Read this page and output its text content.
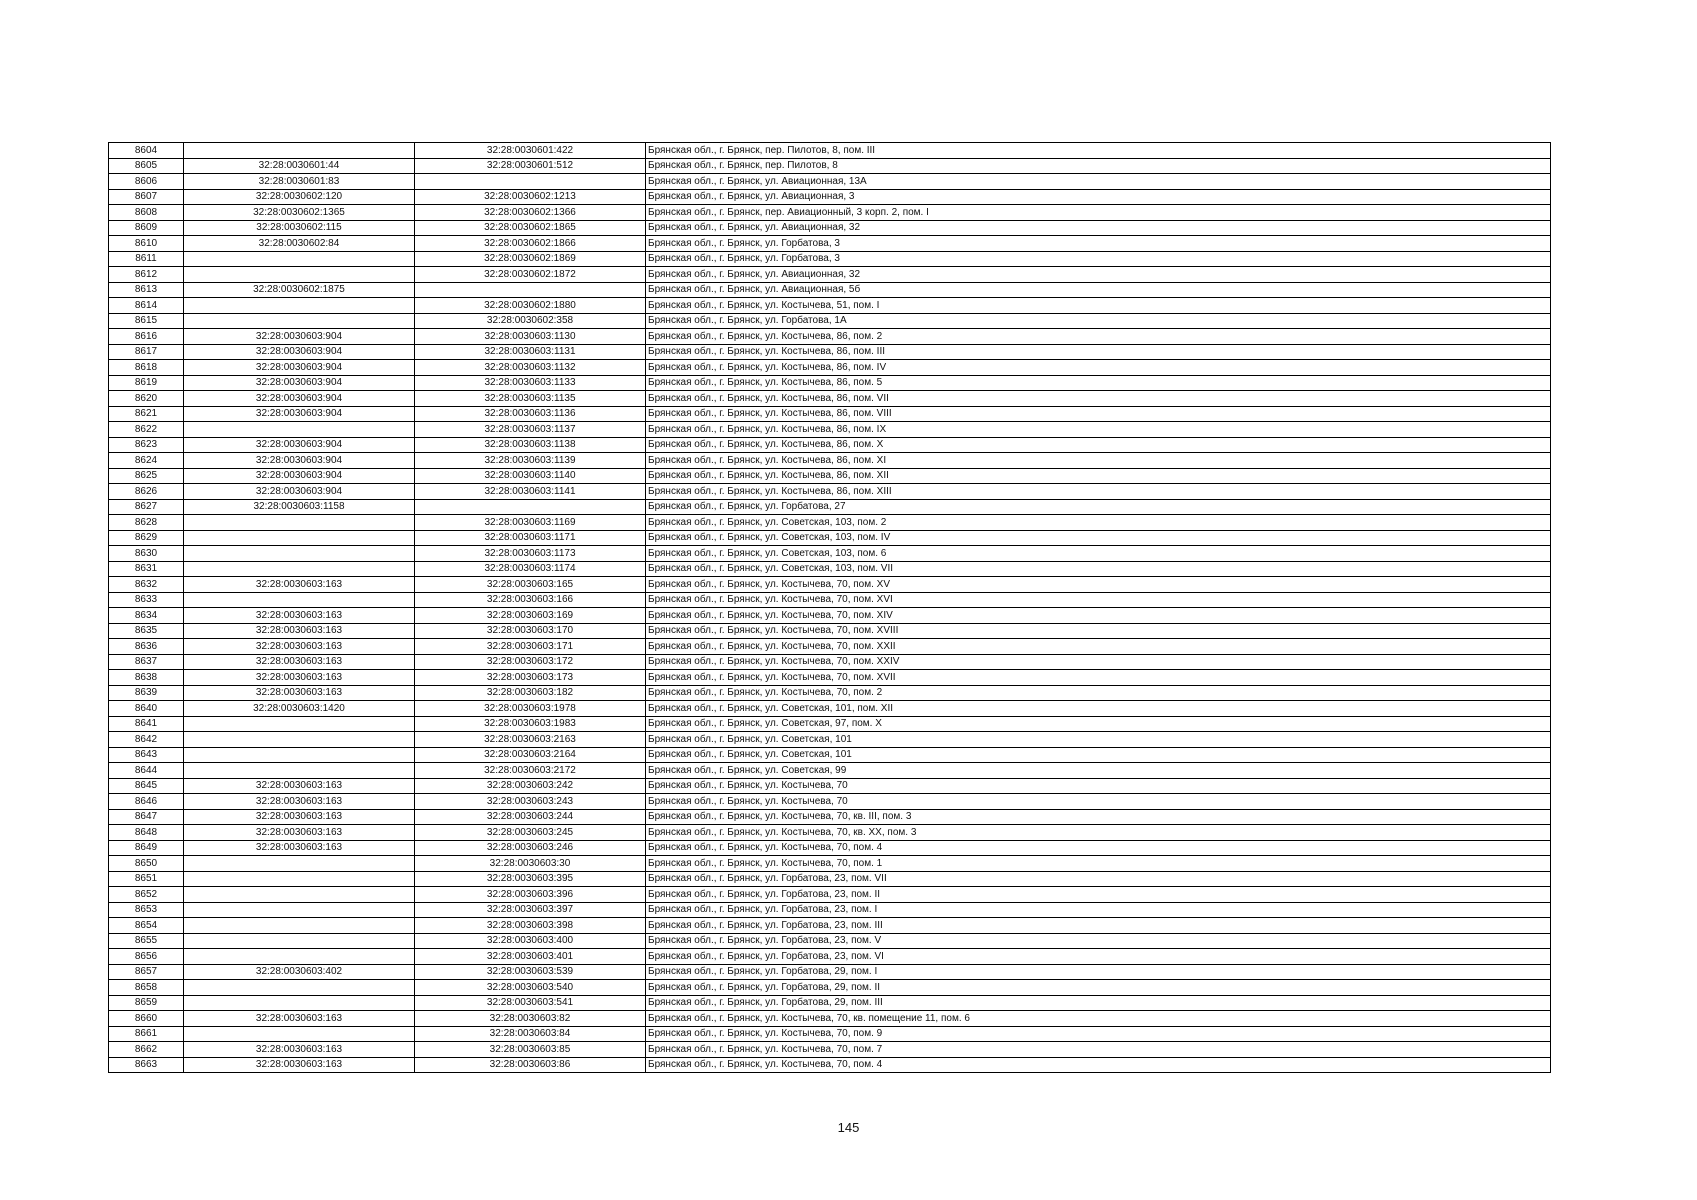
8604		32:28:0030601:422	Брянская обл., г. Брянск, пер. Пилотов, 8, пом. III
8605	32:28:0030601:44	32:28:0030601:512	Брянская обл., г. Брянск, пер. Пилотов, 8
8606	32:28:0030601:83		Брянская обл., г. Брянск, ул. Авиационная, 13А
8607	32:28:0030602:120	32:28:0030602:1213	Брянская обл., г. Брянск, ул. Авиационная, 3
8608	32:28:0030602:1365	32:28:0030602:1366	Брянская обл., г. Брянск, пер. Авиационный, 3 корп. 2, пом. I
8609	32:28:0030602:115	32:28:0030602:1865	Брянская обл., г. Брянск, ул. Авиационная, 32
8610	32:28:0030602:84	32:28:0030602:1866	Брянская обл., г. Брянск, ул. Горбатова, 3
8611		32:28:0030602:1869	Брянская обл., г. Брянск, ул. Горбатова, 3
8612		32:28:0030602:1872	Брянская обл., г. Брянск, ул. Авиационная, 32
8613	32:28:0030602:1875		Брянская обл., г. Брянск, ул. Авиационная, 5б
8614		32:28:0030602:1880	Брянская обл., г. Брянск, ул. Костычева, 51, пом. I
8615		32:28:0030602:358	Брянская обл., г. Брянск, ул. Горбатова, 1А
8616	32:28:0030603:904	32:28:0030603:1130	Брянская обл., г. Брянск, ул. Костычева, 86, пом. 2
8617	32:28:0030603:904	32:28:0030603:1131	Брянская обл., г. Брянск, ул. Костычева, 86, пом. III
8618	32:28:0030603:904	32:28:0030603:1132	Брянская обл., г. Брянск, ул. Костычева, 86, пом. IV
8619	32:28:0030603:904	32:28:0030603:1133	Брянская обл., г. Брянск, ул. Костычева, 86, пом. 5
8620	32:28:0030603:904	32:28:0030603:1135	Брянская обл., г. Брянск, ул. Костычева, 86, пом. VII
8621	32:28:0030603:904	32:28:0030603:1136	Брянская обл., г. Брянск, ул. Костычева, 86, пом. VIII
8622		32:28:0030603:1137	Брянская обл., г. Брянск, ул. Костычева, 86, пом. IX
8623	32:28:0030603:904	32:28:0030603:1138	Брянская обл., г. Брянск, ул. Костычева, 86, пом. X
8624	32:28:0030603:904	32:28:0030603:1139	Брянская обл., г. Брянск, ул. Костычева, 86, пом. XI
8625	32:28:0030603:904	32:28:0030603:1140	Брянская обл., г. Брянск, ул. Костычева, 86, пом. XII
8626	32:28:0030603:904	32:28:0030603:1141	Брянская обл., г. Брянск, ул. Костычева, 86, пом. XIII
8627	32:28:0030603:1158		Брянская обл., г. Брянск, ул. Горбатова, 27
8628		32:28:0030603:1169	Брянская обл., г. Брянск, ул. Советская, 103, пом. 2
8629		32:28:0030603:1171	Брянская обл., г. Брянск, ул. Советская, 103, пом. IV
8630		32:28:0030603:1173	Брянская обл., г. Брянск, ул. Советская, 103, пом. 6
8631		32:28:0030603:1174	Брянская обл., г. Брянск, ул. Советская, 103, пом. VII
8632	32:28:0030603:163	32:28:0030603:165	Брянская обл., г. Брянск, ул. Костычева, 70, пом. XV
8633		32:28:0030603:166	Брянская обл., г. Брянск, ул. Костычева, 70, пом. XVI
8634	32:28:0030603:163	32:28:0030603:169	Брянская обл., г. Брянск, ул. Костычева, 70, пом. XIV
8635	32:28:0030603:163	32:28:0030603:170	Брянская обл., г. Брянск, ул. Костычева, 70, пом. XVIII
8636	32:28:0030603:163	32:28:0030603:171	Брянская обл., г. Брянск, ул. Костычева, 70, пом. XXII
8637	32:28:0030603:163	32:28:0030603:172	Брянская обл., г. Брянск, ул. Костычева, 70, пом. XXIV
8638	32:28:0030603:163	32:28:0030603:173	Брянская обл., г. Брянск, ул. Костычева, 70, пом. XVII
8639	32:28:0030603:163	32:28:0030603:182	Брянская обл., г. Брянск, ул. Костычева, 70, пом. 2
8640	32:28:0030603:1420	32:28:0030603:1978	Брянская обл., г. Брянск, ул. Советская, 101, пом. XII
8641		32:28:0030603:1983	Брянская обл., г. Брянск, ул. Советская, 97, пом. X
8642		32:28:0030603:2163	Брянская обл., г. Брянск, ул. Советская, 101
8643		32:28:0030603:2164	Брянская обл., г. Брянск, ул. Советская, 101
8644		32:28:0030603:2172	Брянская обл., г. Брянск, ул. Советская, 99
8645	32:28:0030603:163	32:28:0030603:242	Брянская обл., г. Брянск, ул. Костычева, 70
8646	32:28:0030603:163	32:28:0030603:243	Брянская обл., г. Брянск, ул. Костычева, 70
8647	32:28:0030603:163	32:28:0030603:244	Брянская обл., г. Брянск, ул. Костычева, 70, кв. III, пом. 3
8648	32:28:0030603:163	32:28:0030603:245	Брянская обл., г. Брянск, ул. Костычева, 70, кв. XX, пом. 3
8649	32:28:0030603:163	32:28:0030603:246	Брянская обл., г. Брянск, ул. Костычева, 70, пом. 4
8650		32:28:0030603:30	Брянская обл., г. Брянск, ул. Костычева, 70, пом. 1
8651		32:28:0030603:395	Брянская обл., г. Брянск, ул. Горбатова, 23, пом. VII
8652		32:28:0030603:396	Брянская обл., г. Брянск, ул. Горбатова, 23, пом. II
8653		32:28:0030603:397	Брянская обл., г. Брянск, ул. Горбатова, 23, пом. I
8654		32:28:0030603:398	Брянская обл., г. Брянск, ул. Горбатова, 23, пом. III
8655		32:28:0030603:400	Брянская обл., г. Брянск, ул. Горбатова, 23, пом. V
8656		32:28:0030603:401	Брянская обл., г. Брянск, ул. Горбатова, 23, пом. VI
8657	32:28:0030603:402	32:28:0030603:539	Брянская обл., г. Брянск, ул. Горбатова, 29, пом. I
8658		32:28:0030603:540	Брянская обл., г. Брянск, ул. Горбатова, 29, пом. II
8659		32:28:0030603:541	Брянская обл., г. Брянск, ул. Горбатова, 29, пом. III
8660	32:28:0030603:163	32:28:0030603:82	Брянская обл., г. Брянск, ул. Костычева, 70, кв. помещение 11, пом. 6
8661		32:28:0030603:84	Брянская обл., г. Брянск, ул. Костычева, 70, пом. 9
8662	32:28:0030603:163	32:28:0030603:85	Брянская обл., г. Брянск, ул. Костычева, 70, пом. 7
8663	32:28:0030603:163	32:28:0030603:86	Брянская обл., г. Брянск, ул. Костычева, 70, пом. 4
145
